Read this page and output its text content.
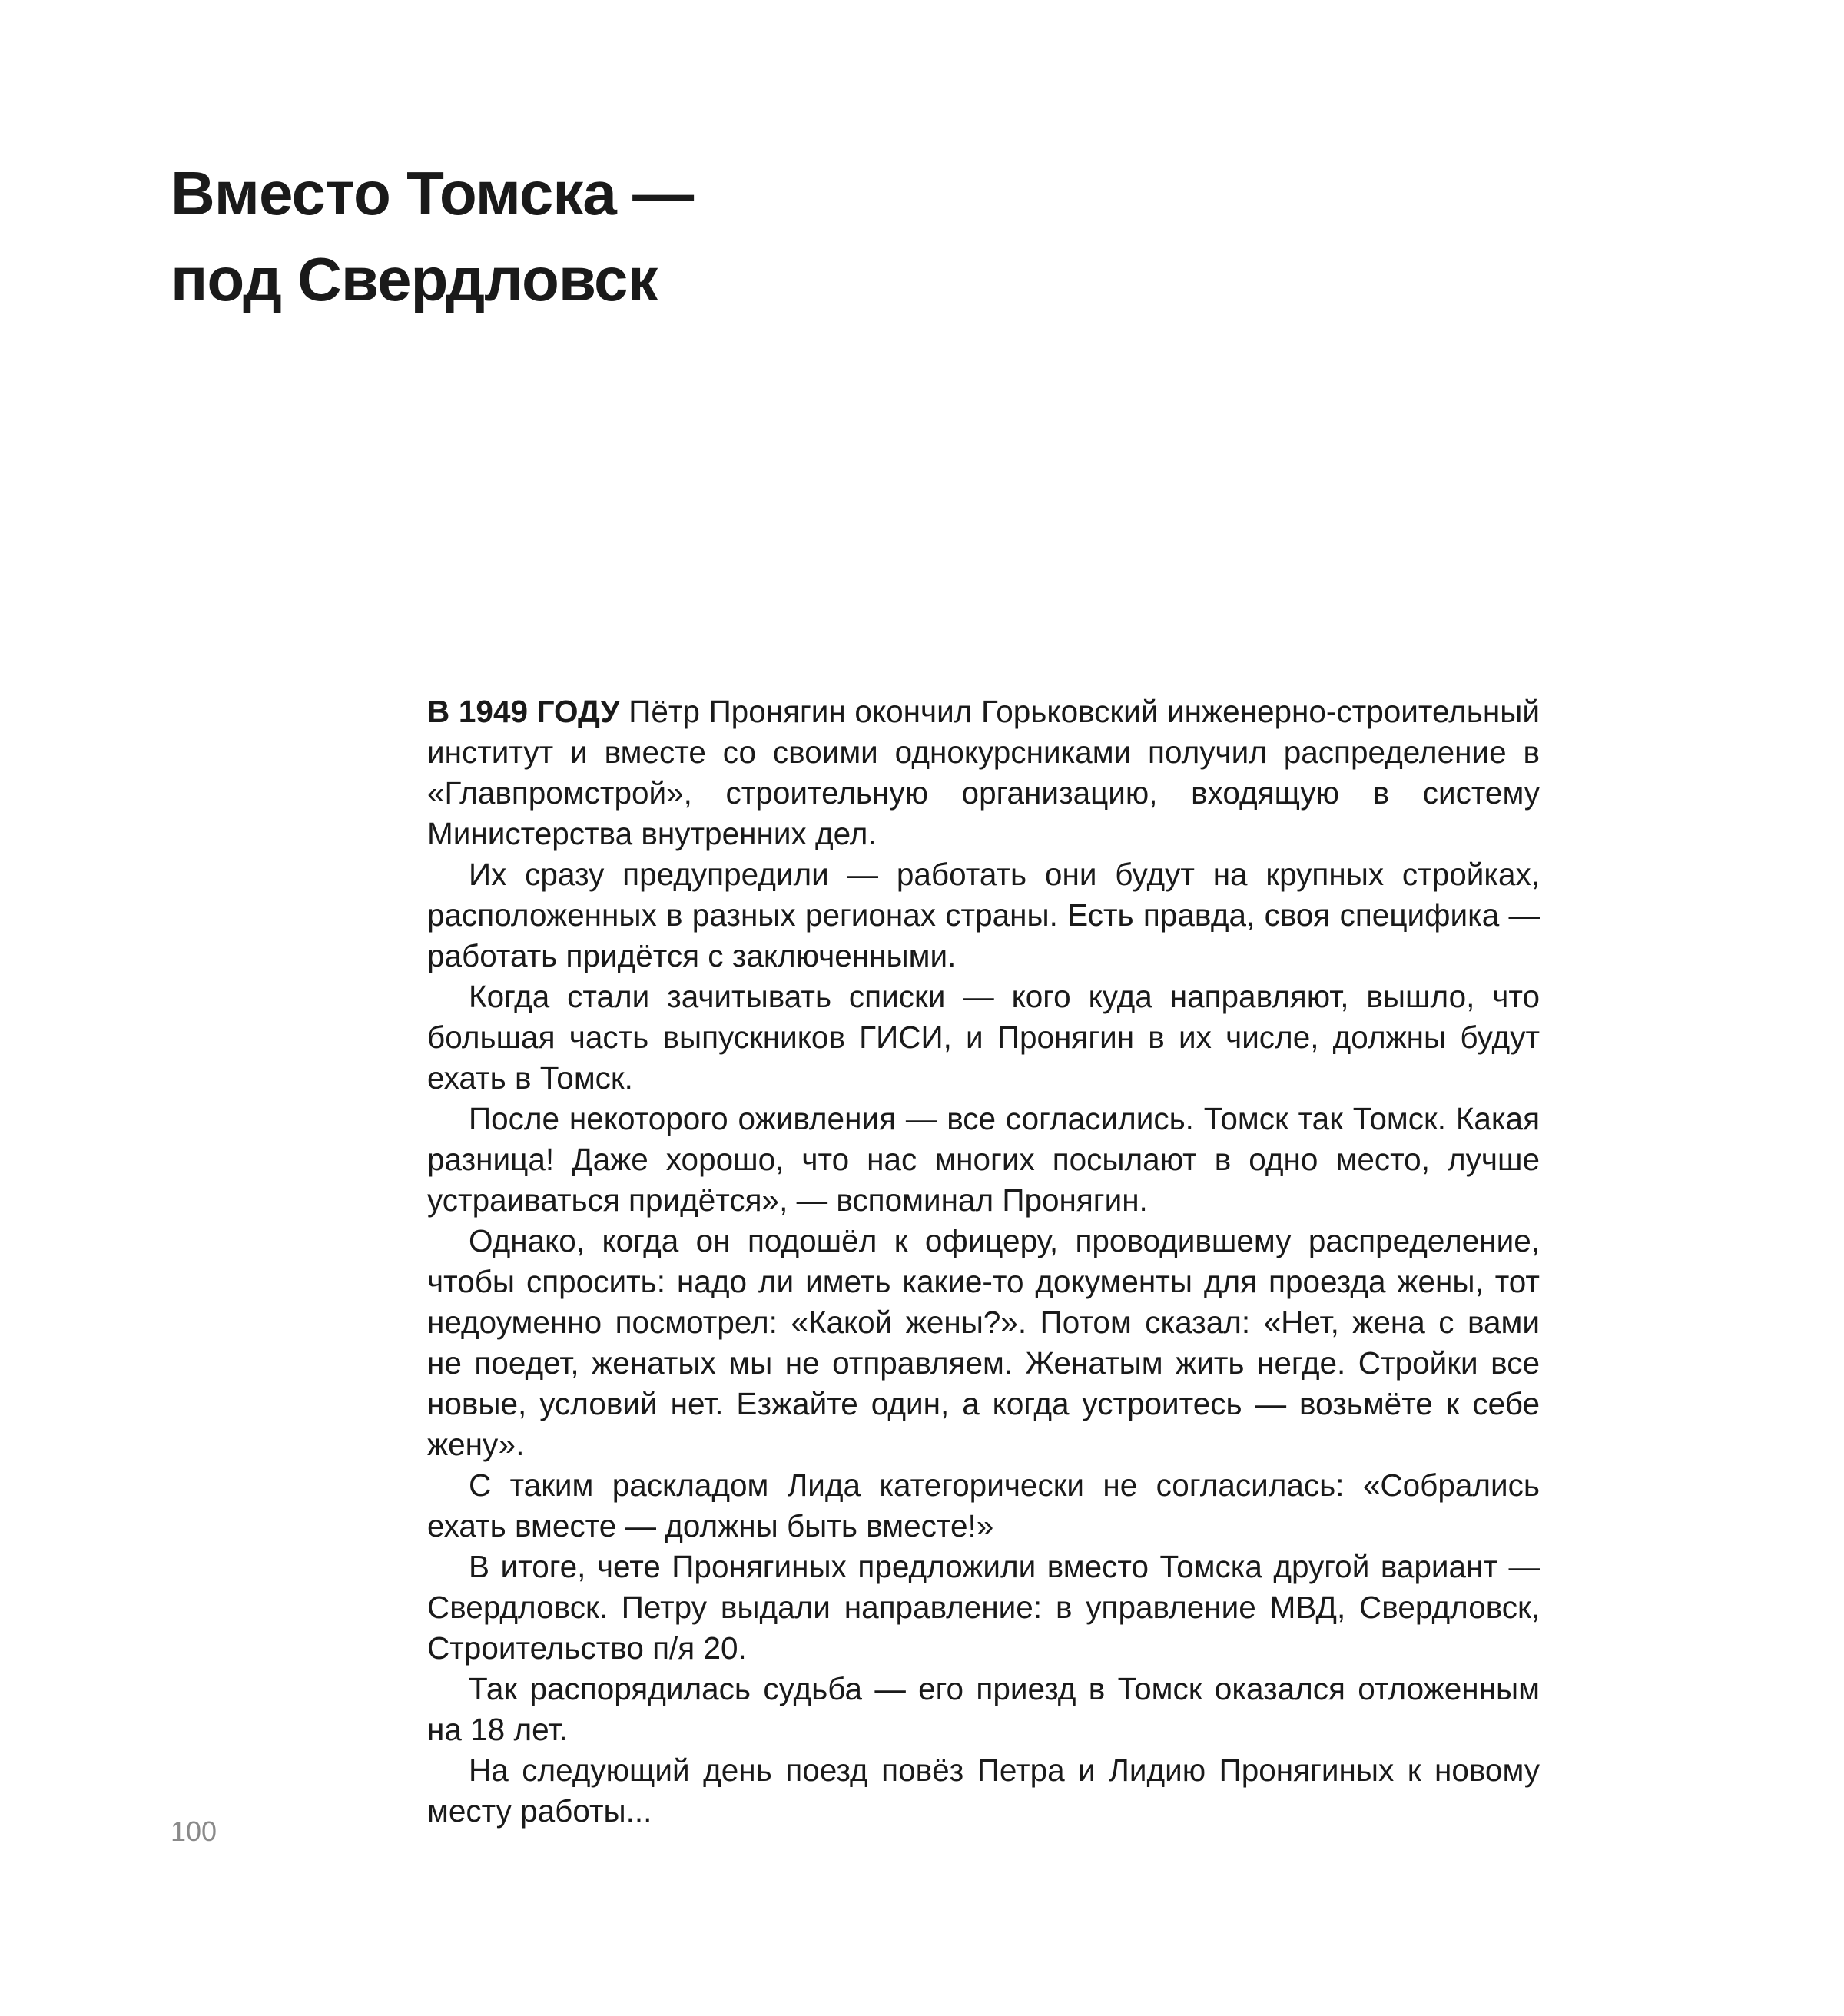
Вместо Томска —
под Свердловск

В 1949 ГОДУ Пётр Пронягин окончил Горьковский инженерно-строительный институт и вместе со своими однокурсниками получил распределение в «Главпромстрой», строительную организацию, входящую в систему Министерства внутренних дел.

Их сразу предупредили — работать они будут на крупных стройках, расположенных в разных регионах страны. Есть правда, своя специфика — работать придётся с заключенными.

Когда стали зачитывать списки — кого куда направляют, вышло, что большая часть выпускников ГИСИ, и Пронягин в их числе, должны будут ехать в Томск.

После некоторого оживления — все согласились. Томск так Томск. Какая разница! Даже хорошо, что нас многих посылают в одно место, лучше устраиваться придётся», — вспоминал Пронягин.

Однако, когда он подошёл к офицеру, проводившему распределение, чтобы спросить: надо ли иметь какие-то документы для проезда жены, тот недоуменно посмотрел: «Какой жены?». Потом сказал: «Нет, жена с вами не поедет, женатых мы не отправляем. Женатым жить негде. Стройки все новые, условий нет. Езжайте один, а когда устроитесь — возьмёте к себе жену».

С таким раскладом Лида категорически не согласилась: «Собрались ехать вместе — должны быть вместе!»

В итоге, чете Пронягиных предложили вместо Томска другой вариант — Свердловск. Петру выдали направление: в управление МВД, Свердловск, Строительство п/я 20.

Так распорядилась судьба — его приезд в Томск оказался отложенным на 18 лет.

На следующий день поезд повёз Петра и Лидию Пронягиных к новому месту работы...

100
